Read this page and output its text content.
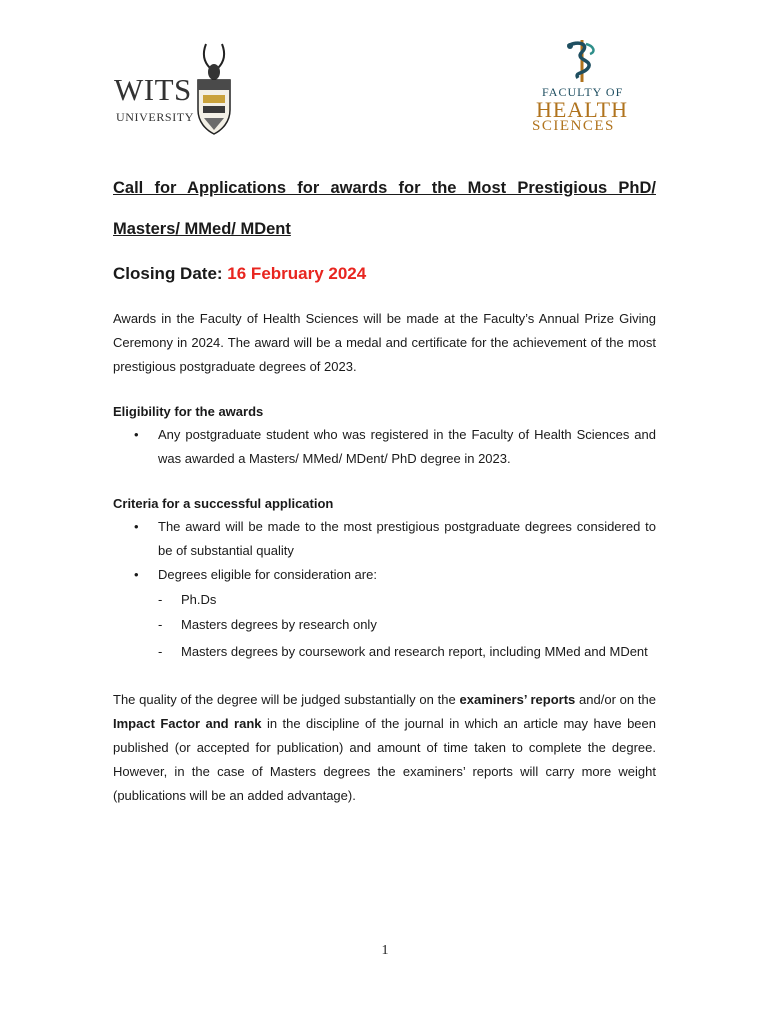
WITS
UNIVERSITY
FACULTY OF
HEALTH
SCIENCES
Call for Applications for awards for the Most Prestigious PhD/
Masters/ MMed/ MDent
Closing Date: 16 February 2024

Awards in the Faculty of Health Sciences will be made at the Faculty’s Annual Prize Giving Ceremony in 2024. The award will be a medal and certificate for the achievement of the most prestigious postgraduate degrees of 2023.

Eligibility for the awards
• Any postgraduate student who was registered in the Faculty of Health Sciences and was awarded a Masters/ MMed/ MDent/ PhD degree in 2023.
Criteria for a successful application
• The award will be made to the most prestigious postgraduate degrees considered to be of substantial quality
• Degrees eligible for consideration are:
- Ph.Ds
- Masters degrees by research only
- Masters degrees by coursework and research report, including MMed and MDent

The quality of the degree will be judged substantially on the examiners’ reports and/or on the Impact Factor and rank in the discipline of the journal in which an article may have been published (or accepted for publication) and amount of time taken to complete the degree. However, in the case of Masters degrees the examiners’ reports will carry more weight (publications will be an added advantage).

1
